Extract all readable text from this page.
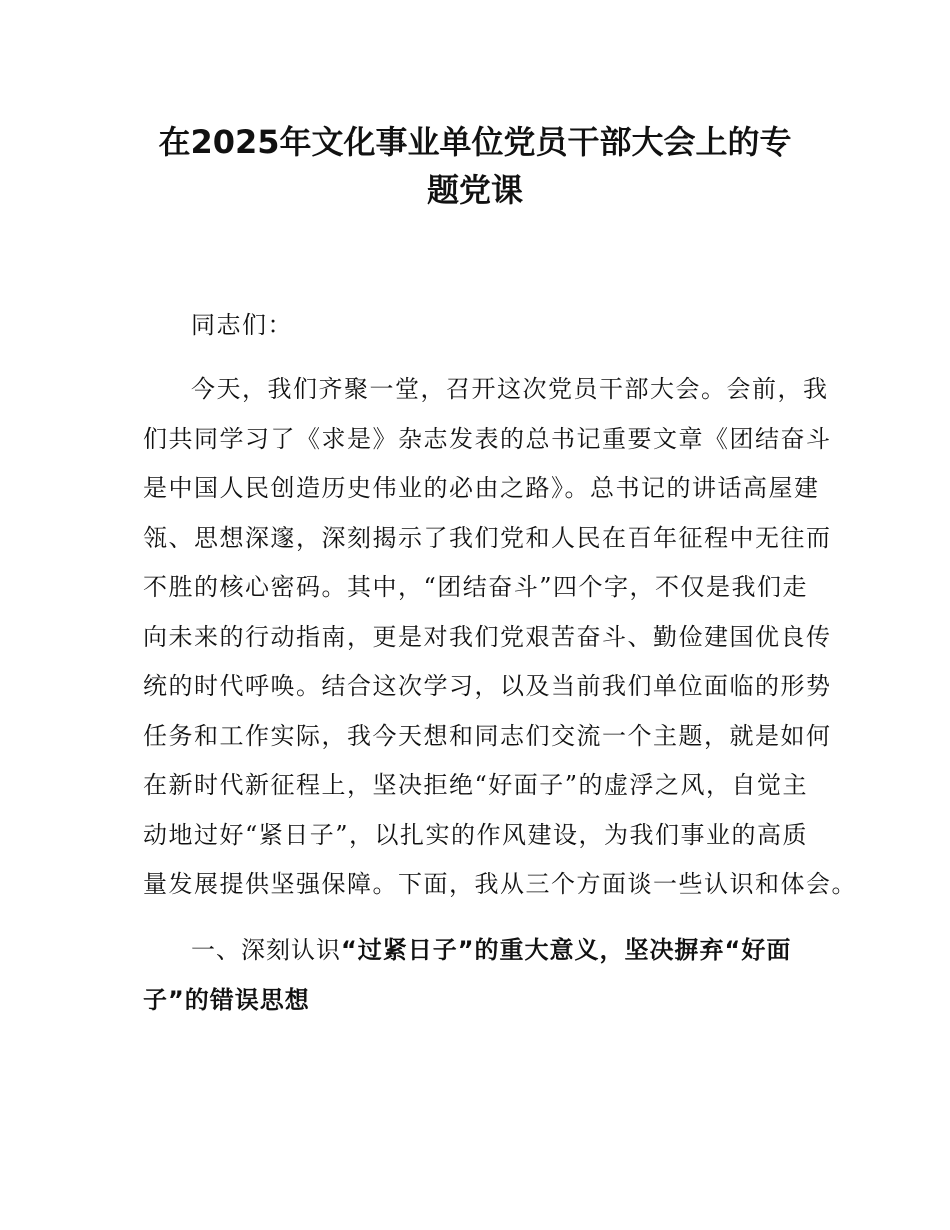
在2025年文化事业单位党员干部大会上的专
题党课

同志们：

今天，我们齐聚一堂，召开这次党员干部大会。会前，我

们共同学习了《求是》杂志发表的总书记重要文章《团结奋斗

是中国人民创造历史伟业的必由之路》。总书记的讲话高屋建

瓴、思想深邃，深刻揭示了我们党和人民在百年征程中无往而

不胜的核心密码。其中，“团结奋斗”四个字，不仅是我们走

向未来的行动指南，更是对我们党艰苦奋斗、勤俭建国优良传

统的时代呼唤。结合这次学习，以及当前我们单位面临的形势

任务和工作实际，我今天想和同志们交流一个主题，就是如何

在新时代新征程上，坚决拒绝“好面子”的虚浮之风，自觉主

动地过好“紧日子”，以扎实的作风建设，为我们事业的高质

量发展提供坚强保障。下面，我从三个方面谈一些认识和体会。

一、深刻认识“过紧日子”的重大意义，坚决摒弃“好面

子”的错误思想
